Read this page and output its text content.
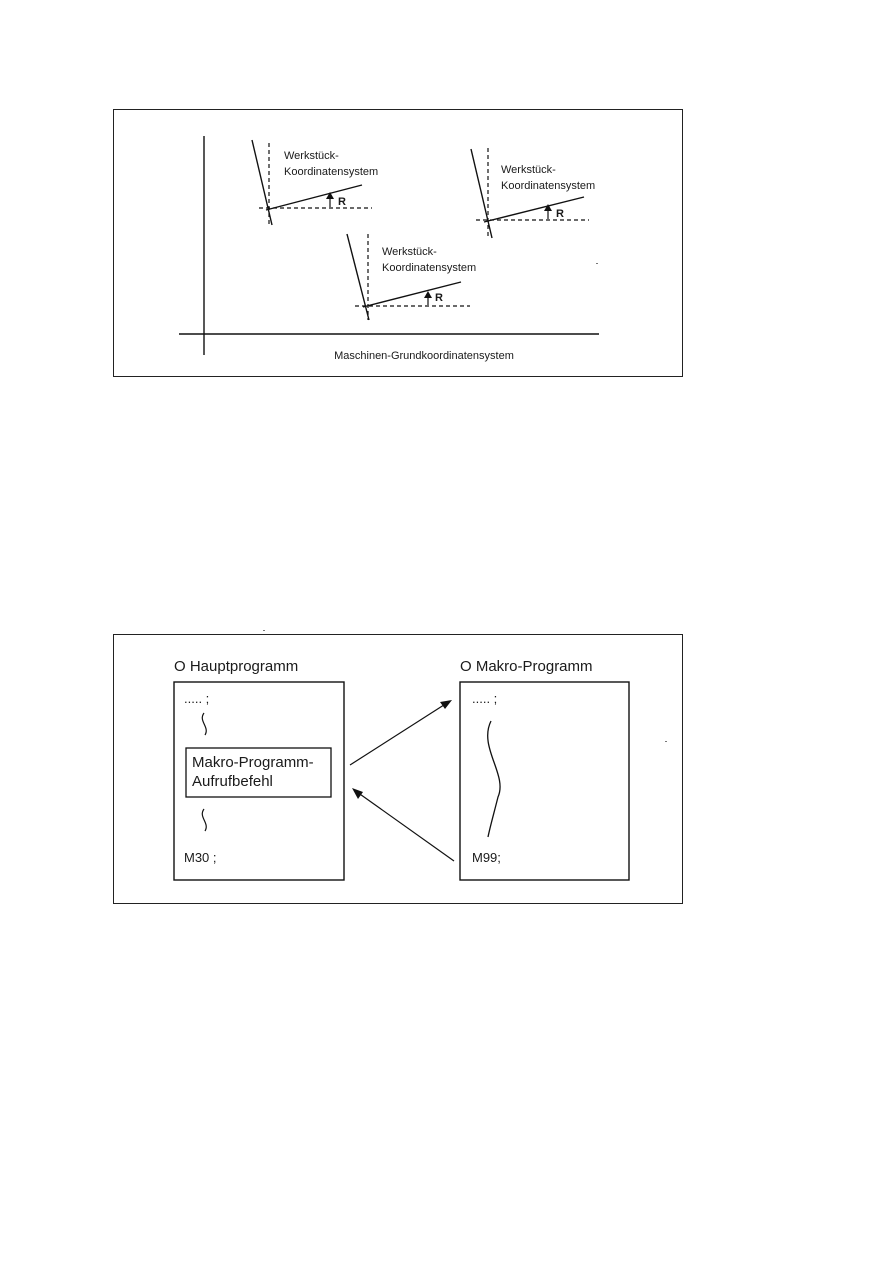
Maschinen-Grundkoordinatensystem
R
Werkstück-
Koordinatensystem
R
Werkstück-
Koordinatensystem
R
Werkstück-
Koordinatensystem
O Hauptprogramm
..... ;
Makro-Programm-
Aufrufbefehl
M30 ;
O Makro-Programm
..... ;
M99;
